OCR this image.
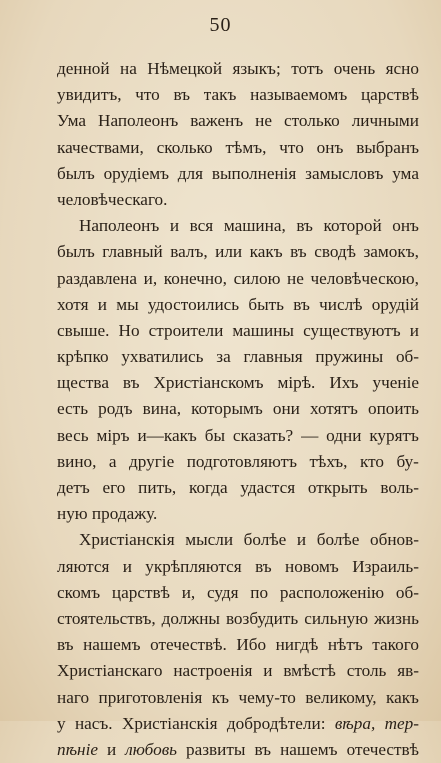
50
денной на Нѣмецкой языкъ; тотъ очень ясно
увидитъ, что въ такъ называемомъ царствѣ
Ума Наполеонъ важенъ не столько личными
качествами, сколько тѣмъ, что онъ выбранъ
былъ орудіемъ для выполненія замысловъ ума
человѣческаго.
Наполеонъ и вся машина, въ которой онъ
былъ главный валъ, или какъ въ сводѣ замокъ,
раздавлена и, конечно, силою не человѣческою,
хотя и мы удостоились быть въ числѣ орудій
свыше. Но строители машины существуютъ и
крѣпко ухватились за главныя пружины об-
щества въ Христіанскомъ мірѣ. Ихъ ученіе
есть родъ вина, которымъ они хотятъ опоить
весь міръ и—какъ бы сказать? — одни курятъ
вино, а другіе подготовляютъ тѣхъ, кто бу-
детъ его пить, когда удастся открыть воль-
ную продажу.
Христіанскія мысли болѣе и болѣе обнов-
ляются и укрѣпляются въ новомъ Израиль-
скомъ царствѣ и, судя по расположенію об-
стоятельствъ, должны возбудить сильную жизнь
въ нашемъ отечествѣ. Ибо нигдѣ нѣтъ такого
Христіанскаго настроенія и вмѣстѣ столь яв-
наго приготовленія къ чему-то великому, какъ
у насъ. Христіанскія добродѣтели: вѣра, тер-
пѣніе и любовь развиты въ нашемъ отечествѣ
